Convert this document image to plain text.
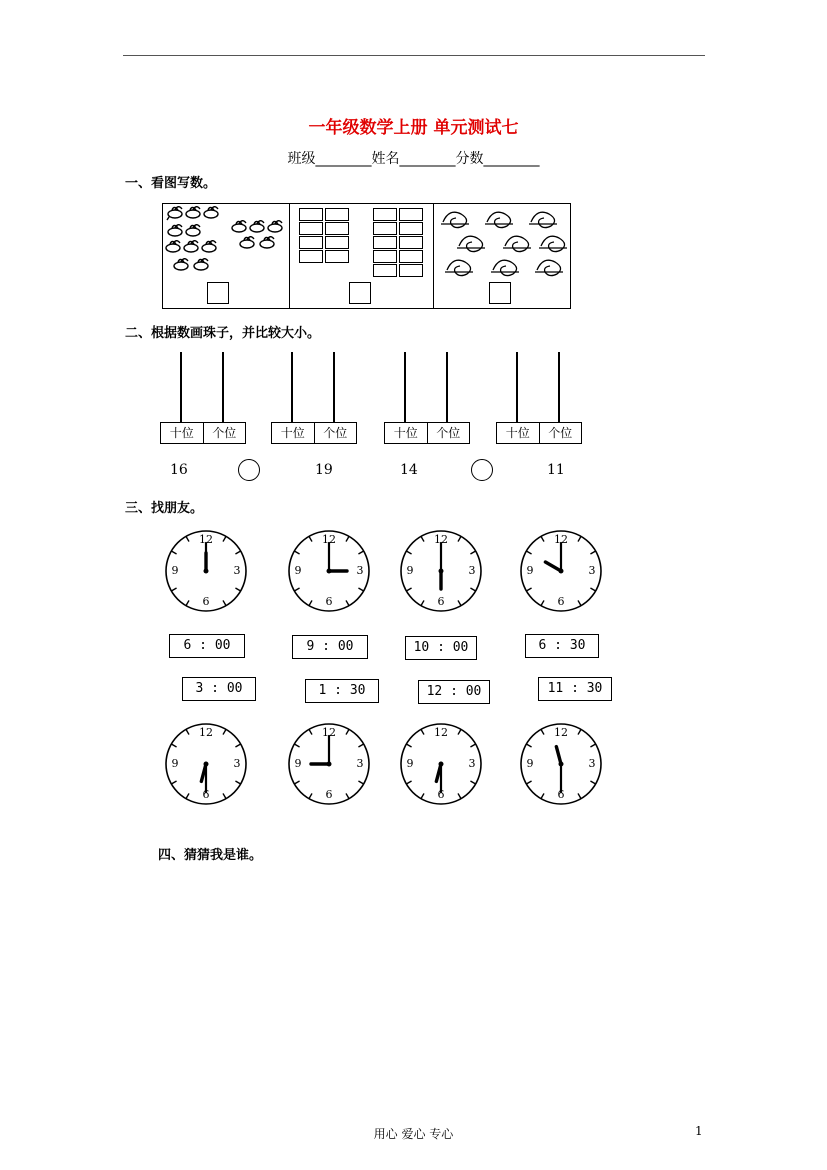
一年级数学上册 单元测试七
班级________姓名________分数________
一、看图写数。
二、根据数画珠子，并比较大小。
十位	个位
16
十位	个位
19
十位	个位
14
十位	个位
11
三、找朋友。
12
3
6
9
12
3
6
9
12
3
6
9
12
3
6
9
12
3
6
9
12
3
6
9
12
3
6
9
12
3
6
9
6 : 00	9 : 00	10 : 00	6 : 30
3 : 00	1 : 30	12 : 00	11 : 30
四、猜猜我是谁。
用心 爱心 专心	1
